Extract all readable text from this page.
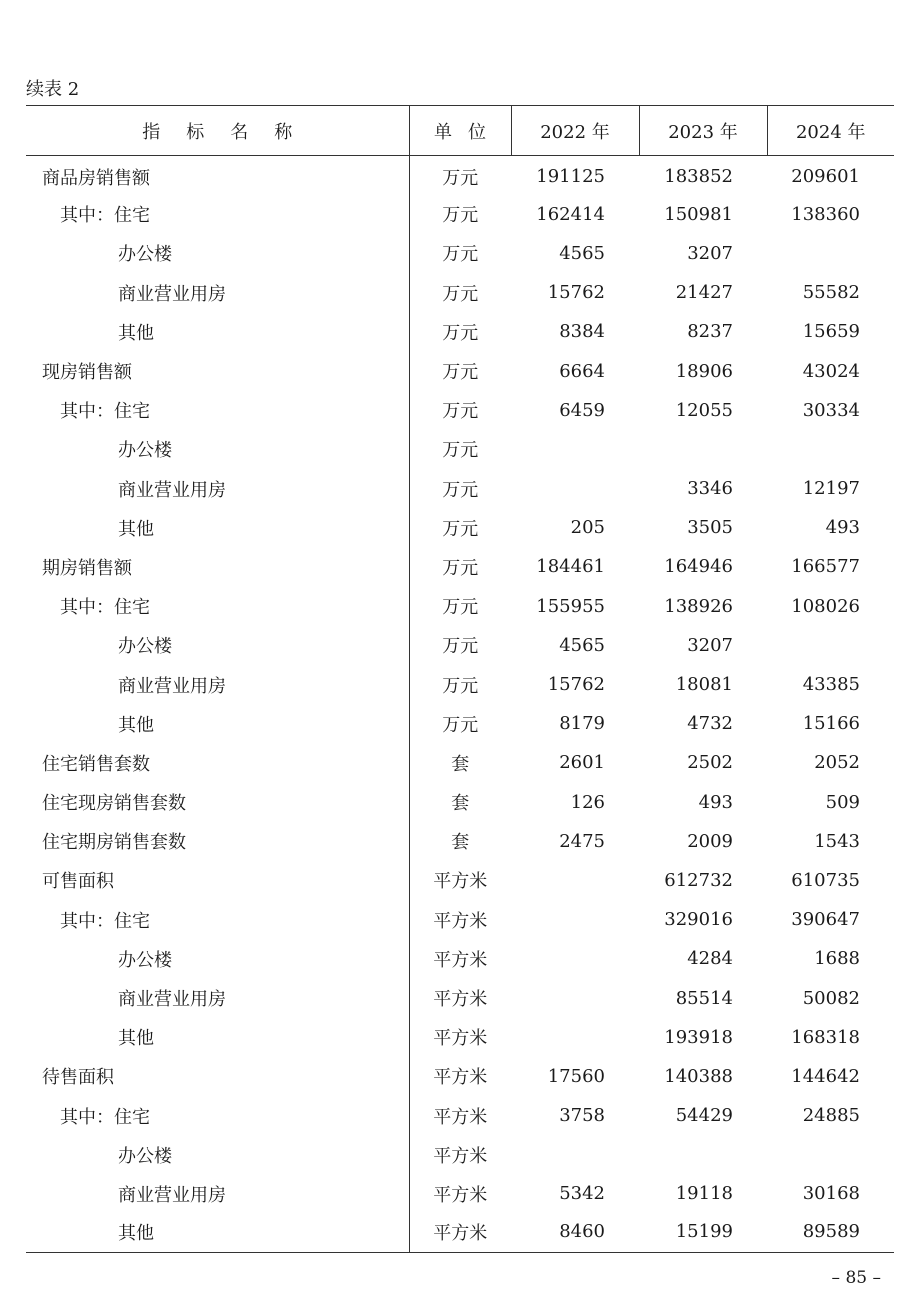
续表 2
指标名称	单位	2022 年	2023 年	2024 年
商品房销售额	万元	191125	183852	209601
其中：住宅	万元	162414	150981	138360
办公楼	万元	4565	3207	
商业营业用房	万元	15762	21427	55582
其他	万元	8384	8237	15659
现房销售额	万元	6664	18906	43024
其中：住宅	万元	6459	12055	30334
办公楼	万元			
商业营业用房	万元		3346	12197
其他	万元	205	3505	493
期房销售额	万元	184461	164946	166577
其中：住宅	万元	155955	138926	108026
办公楼	万元	4565	3207	
商业营业用房	万元	15762	18081	43385
其他	万元	8179	4732	15166
住宅销售套数	套	2601	2502	2052
住宅现房销售套数	套	126	493	509
住宅期房销售套数	套	2475	2009	1543
可售面积	平方米		612732	610735
其中：住宅	平方米		329016	390647
办公楼	平方米		4284	1688
商业营业用房	平方米		85514	50082
其他	平方米		193918	168318
待售面积	平方米	17560	140388	144642
其中：住宅	平方米	3758	54429	24885
办公楼	平方米			
商业营业用房	平方米	5342	19118	30168
其他	平方米	8460	15199	89589
– 85 –
